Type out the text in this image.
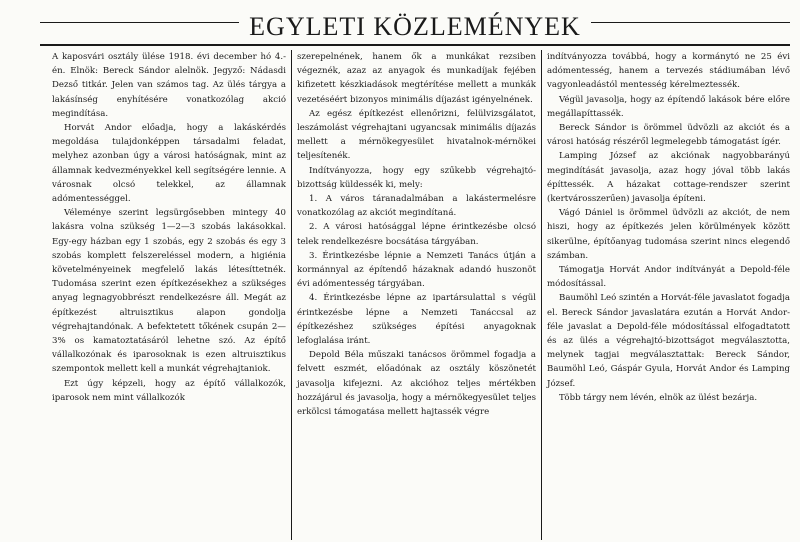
EGYLETI KÖZLEMÉNYEK

A kaposvári osztály ülése 1918. évi december hó 4.-én. Elnök: Bereck Sándor alelnök. Jegyző: Nádasdi Dezső titkár. Jelen van számos tag. Az ülés tárgya a lakásínség enyhítésére vonatkozólag akció megindítása.

Horvát Andor előadja, hogy a lakáskérdés megoldása tulajdonképpen társadalmi feladat, melyhez azonban úgy a városi hatóságnak, mint az államnak kedvezményekkel kell segítségére lennie. A városnak olcsó telekkel, az államnak adómentességgel.

Véleménye szerint legsürgősebben mintegy 40 lakásra volna szükség 1—2—3 szobás lakásokkal. Egy-egy házban egy 1 szobás, egy 2 szobás és egy 3 szobás komplett felszereléssel modern, a higiénia követelményeinek megfelelő lakás létesíttetnék. Tudomása szerint ezen építkezésekhez a szükséges anyag legnagyobbrészt rendelkezésre áll. Megát az építkezést altruisztikus alapon gondolja végrehajtandónak. A befektetett tőkének csupán 2—3% os kamatoztatásáról lehetne szó. Az építő vállalkozónak és iparosoknak is ezen altruisztikus szempontok mellett kell a munkát végrehajtaniok.

Ezt úgy képzeli, hogy az építő vállalkozók, iparosok nem mint vállalkozók

szerepelnének, hanem ők a munkákat rezsiben végeznék, azaz az anyagok és munkadíjak fejében kifizetett készkiadások megtérítése mellett a munkák vezetéséért bizonyos minimális díjazást igényelnének.

Az egész építkezést ellenőrizni, felülvizsgálatot, leszámolást végrehajtani ugyancsak minimális díjazás mellett a mérnökegyesület hivatalnok-mérnökei teljesítenék.

Indítványozza, hogy egy szűkebb végrehajtó-bizottság küldessék ki, mely:

1. A város táranadalmában a lakástermelésre vonatkozólag az akciót megindítaná.

2. A városi hatósággal lépne érintkezésbe olcsó telek rendelkezésre bocsátása tárgyában.

3. Érintkezésbe lépnie a Nemzeti Tanács útján a kormánnyal az építendő házaknak adandó huszonöt évi adómentesség tárgyában.

4. Érintkezésbe lépne az ipartársulattal s végül érintkezésbe lépne a Nemzeti Tanáccsal az építkezéshez szükséges építési anyagoknak lefoglalása iránt.

Depold Béla műszaki tanácsos örömmel fogadja a felvett eszmét, előadónak az osztály köszönetét javasolja kifejezni. Az akcióhoz teljes mértékben hozzájárul és javasolja, hogy a mérnökegyesület teljes erkölcsi támogatása mellett hajtassék végre

indítványozza továbbá, hogy a kormánytó ne 25 évi adómentesség, hanem a tervezés stádiumában lévő vagyonleadástól mentesség kérelmeztessék.

Végül javasolja, hogy az építendő lakások bére előre megállapíttassék.

Bereck Sándor is örömmel üdvözli az akciót és a városi hatóság részéről legmelegebb támogatást ígér.

Lamping József az akciónak nagyobbarányú megindítását javasolja, azaz hogy jóval több lakás építtessék. A házakat cottage-rendszer szerint (kertvárosszerűen) javasolja építeni.

Vágó Dániel is örömmel üdvözli az akciót, de nem hiszi, hogy az építkezés jelen körülmények között sikerülne, építőanyag tudomása szerint nincs elegendő számban.

Támogatja Horvát Andor indítványát a Depold-féle módosítással.

Baumöhl Leó szintén a Horvát-féle javaslatot fogadja el. Bereck Sándor javaslatára ezután a Horvát Andor-féle javaslat a Depold-féle módosítással elfogadtatott és az ülés a végrehajtó-bizottságot megválasztotta, melynek tagjai megválasztattak: Bereck Sándor, Baumöhl Leó, Gáspár Gyula, Horvát Andor és Lamping József.

Több tárgy nem lévén, elnök az ülést bezárja.
